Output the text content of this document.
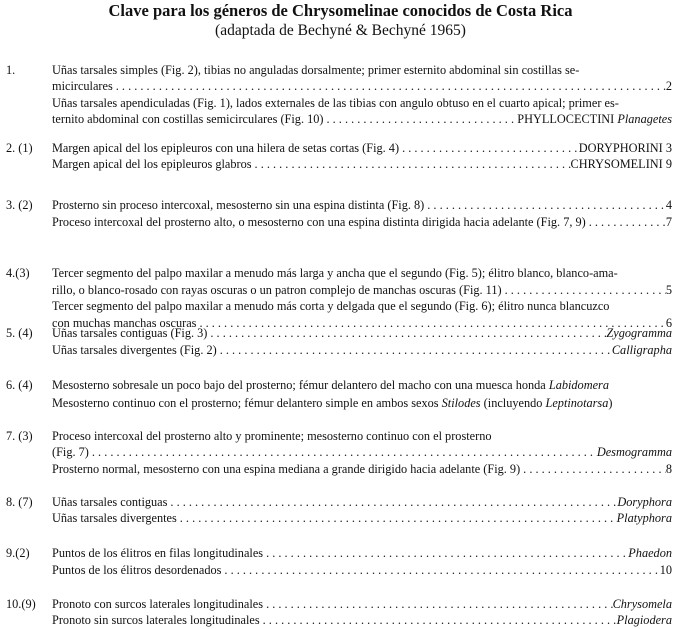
Clave para los géneros de Chrysomelinae conocidos de Costa Rica
(adaptada de Bechyné & Bechyné 1965)
1.	Uñas tarsales simples (Fig. 2), tibias no anguladas dorsalmente; primer esternito abdominal sin costillas se-
micirculares . . .	2
Uñas tarsales apendiculadas (Fig. 1), lados externales de las tibias con angulo obtuso en el cuarto apical; primer es-
ternito abdominal con costillas semicirculares (Fig. 10) . . .	PHYLLOCECTINI Planagetes
2. (1) Margen apical del los epipleuros con una hilera de setas cortas (Fig. 4) . . .	DORYPHORINI 3
Margen apical del los epipleuros glabros . . .	CHRYSOMELINI 9
3. (2) Prosterno sin proceso intercoxal, mesosterno sin una espina distinta (Fig. 8) . . .	4
Proceso intercoxal del prosterno alto, o mesosterno con una espina distinta dirigida hacia adelante (Fig. 7, 9) . . .	7
4.(3) Tercer segmento del palpo maxilar a menudo más larga y ancha que el segundo (Fig. 5); élitro blanco, blanco-ama-
rillo, o blanco-rosado con rayas oscuras o un patron complejo de manchas oscuras (Fig. 11) . . .	5
Tercer segmento del palpo maxilar a menudo más corta y delgada que el segundo (Fig. 6); élitro nunca blancuzco
con muchas manchas oscuras . . .	6
5. (4) Uñas tarsales contiguas (Fig. 3) . . .	Zygogramma
Uñas tarsales divergentes (Fig. 2) . . .	Calligrapha
6. (4) Mesosterno sobresale un poco bajo del prosterno; fémur delantero del macho con una muesca honda Labidomera
Mesosterno continuo con el prosterno; fémur delantero simple en ambos sexos Stilodes (incluyendo Leptinotarsa)
7. (3) Proceso intercoxal del prosterno alto y prominente; mesosterno continuo con el prosterno
(Fig. 7) . . .	Desmogramma
Prosterno normal, mesosterno con una espina mediana a grande dirigido hacia adelante (Fig. 9) . . .	8
8. (7) Uñas tarsales contiguas . . .	Doryphora
Uñas tarsales divergentes . . .	Platyphora
9.(2) Puntos de los élitros en filas longitudinales . . .	Phaedon
Puntos de los élitros desordenados . . .	10
10.(9) Pronoto con surcos laterales longitudinales . . .	Chrysomela
Pronoto sin surcos laterales longitudinales . . .	Plagiodera
